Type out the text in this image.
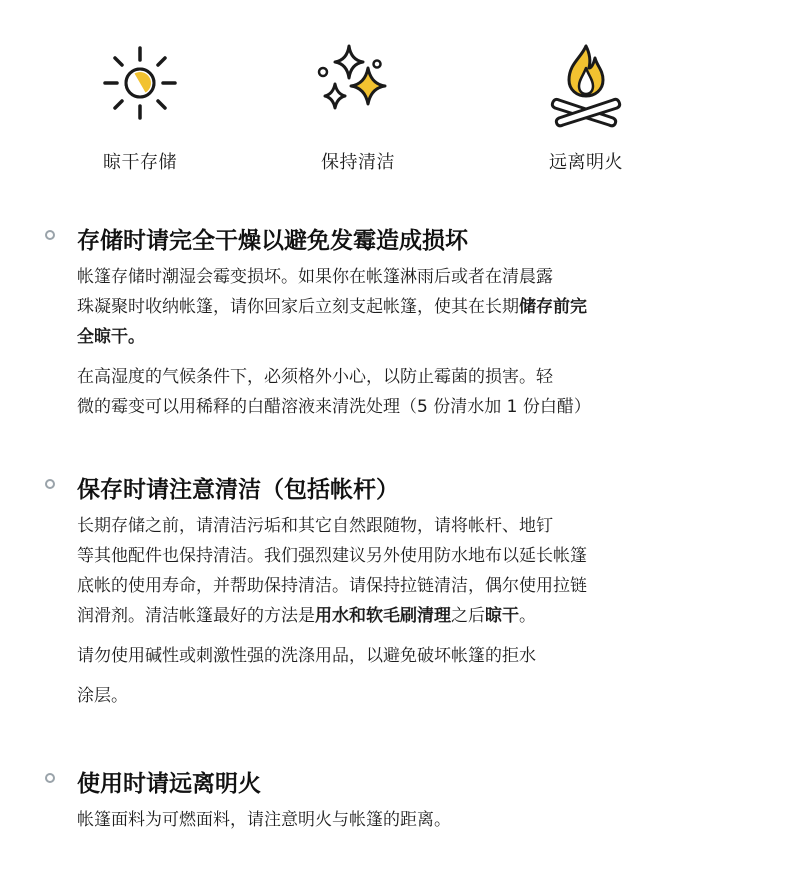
晾干存储	保持清洁	远离明火
存储时请完全干燥以避免发霉造成损坏
帐篷存储时潮湿会霉变损坏。如果你在帐篷淋雨后或者在清晨露
珠凝聚时收纳帐篷，请你回家后立刻支起帐篷，使其在长期储存前完
全晾干。
在高湿度的气候条件下，必须格外小心，以防止霉菌的损害。轻
微的霉变可以用稀释的白醋溶液来清洗处理（5 份清水加 1 份白醋）
保存时请注意清洁（包括帐杆）
长期存储之前，请清洁污垢和其它自然跟随物，请将帐杆、地钉
等其他配件也保持清洁。我们强烈建议另外使用防水地布以延长帐篷
底帐的使用寿命，并帮助保持清洁。请保持拉链清洁，偶尔使用拉链
润滑剂。清洁帐篷最好的方法是用水和软毛刷清理之后晾干。
请勿使用碱性或刺激性强的洗涤用品，以避免破坏帐篷的拒水
涂层。
使用时请远离明火
帐篷面料为可燃面料，请注意明火与帐篷的距离。
